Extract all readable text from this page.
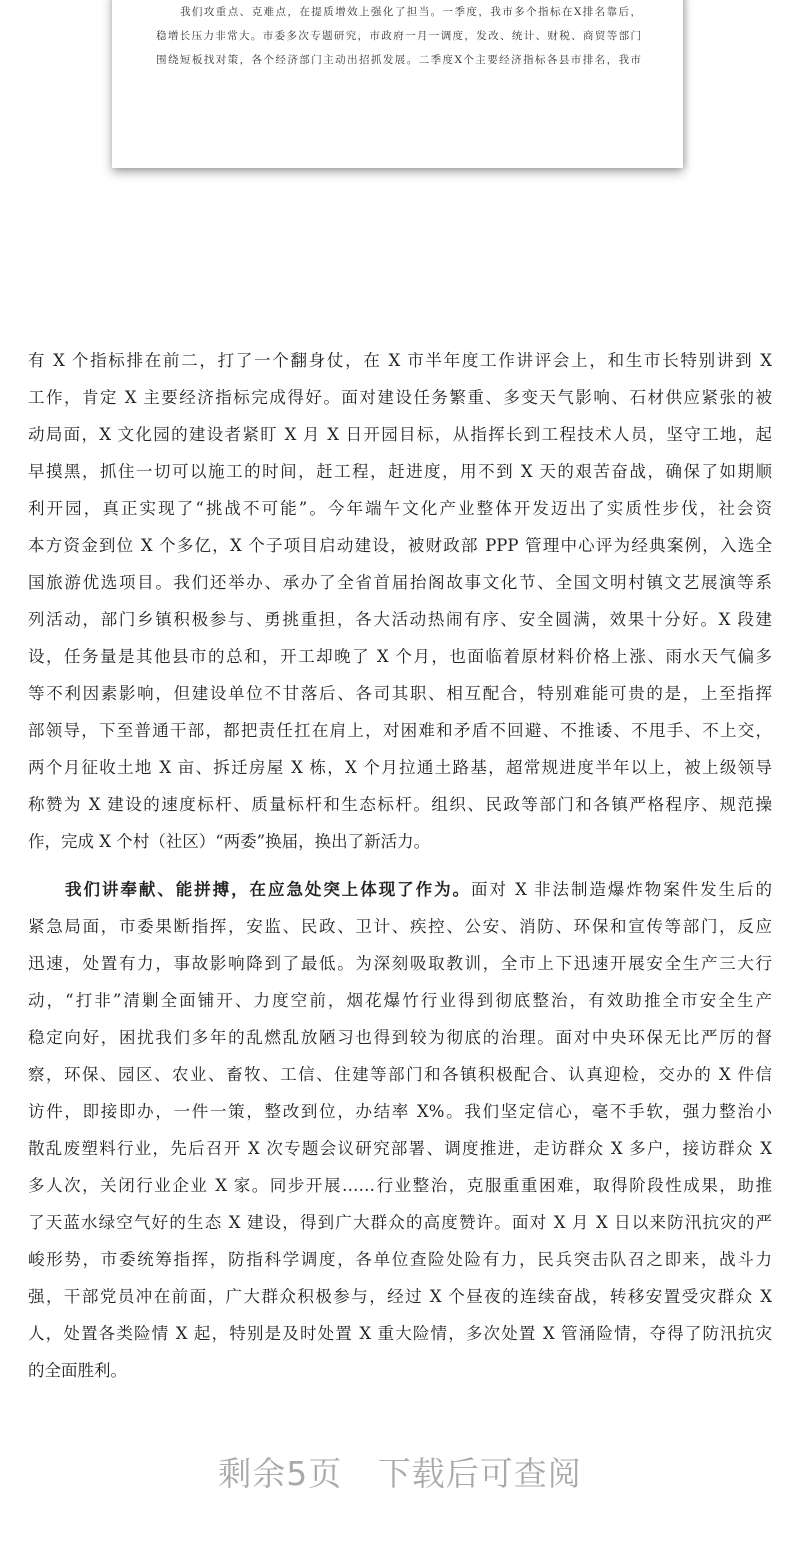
我们攻重点、克难点，在提质增效上强化了担当。一季度，我市多个指标在X排名靠后，
稳增长压力非常大。市委多次专题研究，市政府一月一调度，发改、统计、财税、商贸等部门
围绕短板找对策，各个经济部门主动出招抓发展。二季度X个主要经济指标各县市排名，我市
有 X 个指标排在前二，打了一个翻身仗，在 X 市半年度工作讲评会上，和生市长特别讲到 X
工作，肯定 X 主要经济指标完成得好。面对建设任务繁重、多变天气影响、石材供应紧张的被
动局面，X 文化园的建设者紧盯 X 月 X 日开园目标，从指挥长到工程技术人员，坚守工地，起
早摸黑，抓住一切可以施工的时间，赶工程，赶进度，用不到 X 天的艰苦奋战，确保了如期顺
利开园，真正实现了“挑战不可能”。今年端午文化产业整体开发迈出了实质性步伐，社会资
本方资金到位 X 个多亿，X 个子项目启动建设，被财政部 PPP 管理中心评为经典案例，入选全
国旅游优选项目。我们还举办、承办了全省首届抬阁故事文化节、全国文明村镇文艺展演等系
列活动，部门乡镇积极参与、勇挑重担，各大活动热闹有序、安全圆满，效果十分好。X 段建
设，任务量是其他县市的总和，开工却晚了 X 个月，也面临着原材料价格上涨、雨水天气偏多
等不利因素影响，但建设单位不甘落后、各司其职、相互配合，特别难能可贵的是，上至指挥
部领导，下至普通干部，都把责任扛在肩上，对困难和矛盾不回避、不推诿、不甩手、不上交，
两个月征收土地 X 亩、拆迁房屋 X 栋，X 个月拉通土路基，超常规进度半年以上，被上级领导
称赞为 X 建设的速度标杆、质量标杆和生态标杆。组织、民政等部门和各镇严格程序、规范操
作，完成 X 个村（社区）“两委”换届，换出了新活力。
我们讲奉献、能拼搏，在应急处突上体现了作为。面对 X 非法制造爆炸物案件发生后的
紧急局面，市委果断指挥，安监、民政、卫计、疾控、公安、消防、环保和宣传等部门，反应
迅速，处置有力，事故影响降到了最低。为深刻吸取教训，全市上下迅速开展安全生产三大行
动，“打非”清剿全面铺开、力度空前，烟花爆竹行业得到彻底整治，有效助推全市安全生产
稳定向好，困扰我们多年的乱燃乱放陋习也得到较为彻底的治理。面对中央环保无比严厉的督
察，环保、园区、农业、畜牧、工信、住建等部门和各镇积极配合、认真迎检，交办的 X 件信
访件，即接即办，一件一策，整改到位，办结率 X%。我们坚定信心，毫不手软，强力整治小
散乱废塑料行业，先后召开 X 次专题会议研究部署、调度推进，走访群众 X 多户，接访群众 X
多人次，关闭行业企业 X 家。同步开展……行业整治，克服重重困难，取得阶段性成果，助推
了天蓝水绿空气好的生态 X 建设，得到广大群众的高度赞许。面对 X 月 X 日以来防汛抗灾的严
峻形势，市委统筹指挥，防指科学调度，各单位查险处险有力，民兵突击队召之即来，战斗力
强，干部党员冲在前面，广大群众积极参与，经过 X 个昼夜的连续奋战，转移安置受灾群众 X
人，处置各类险情 X 起，特别是及时处置 X 重大险情，多次处置 X 管涌险情，夺得了防汛抗灾
的全面胜利。
剩余5页 下载后可查阅
